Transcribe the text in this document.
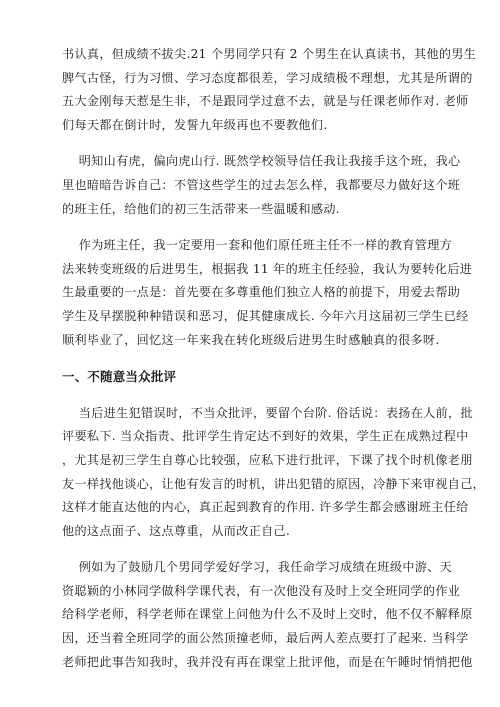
书认真，但成绩不拔尖.21 个男同学只有 2 个男生在认真读书，其他的男生
脾气古怪，行为习惯、学习态度都很差，学习成绩极不理想，尤其是所谓的
五大金刚每天惹是生非，不是跟同学过意不去，就是与任课老师作对. 老师
们每天都在倒计时，发誓九年级再也不要教他们.

明知山有虎，偏向虎山行. 既然学校领导信任我让我接手这个班，我心
里也暗暗告诉自己：不管这些学生的过去怎么样，我都要尽力做好这个班
的班主任，给他们的初三生活带来一些温暖和感动.

作为班主任，我一定要用一套和他们原任班主任不一样的教育管理方
法来转变班级的后进男生，根据我 11 年的班主任经验，我认为要转化后进
生最重要的一点是：首先要在多尊重他们独立人格的前提下，用爱去帮助
学生及早摆脱种种错误和恶习，促其健康成长. 今年六月这届初三学生已经
顺利毕业了，回忆这一年来我在转化班级后进男生时感触真的很多呀.

一、不随意当众批评

当后进生犯错误时，不当众批评，要留个台阶. 俗话说：表扬在人前，批
评要私下. 当众指责、批评学生肯定达不到好的效果，学生正在成熟过程中
，尤其是初三学生自尊心比较强，应私下进行批评，下课了找个时机像老朋
友一样找他谈心，让他有发言的时机，讲出犯错的原因，冷静下来审视自己，
这样才能直达他的内心，真正起到教育的作用. 许多学生都会感谢班主任给
他的这点面子、这点尊重，从而改正自己.

例如为了鼓励几个男同学爱好学习，我任命学习成绩在班级中游、天
资聪颖的小林同学做科学课代表，有一次他没有及时上交全班同学的作业
给科学老师，科学老师在课堂上问他为什么不及时上交时，他不仅不解释原
因，还当着全班同学的面公然顶撞老师，最后两人差点要打了起来. 当科学
老师把此事告知我时，我并没有再在课堂上批评他，而是在午睡时悄悄把他
